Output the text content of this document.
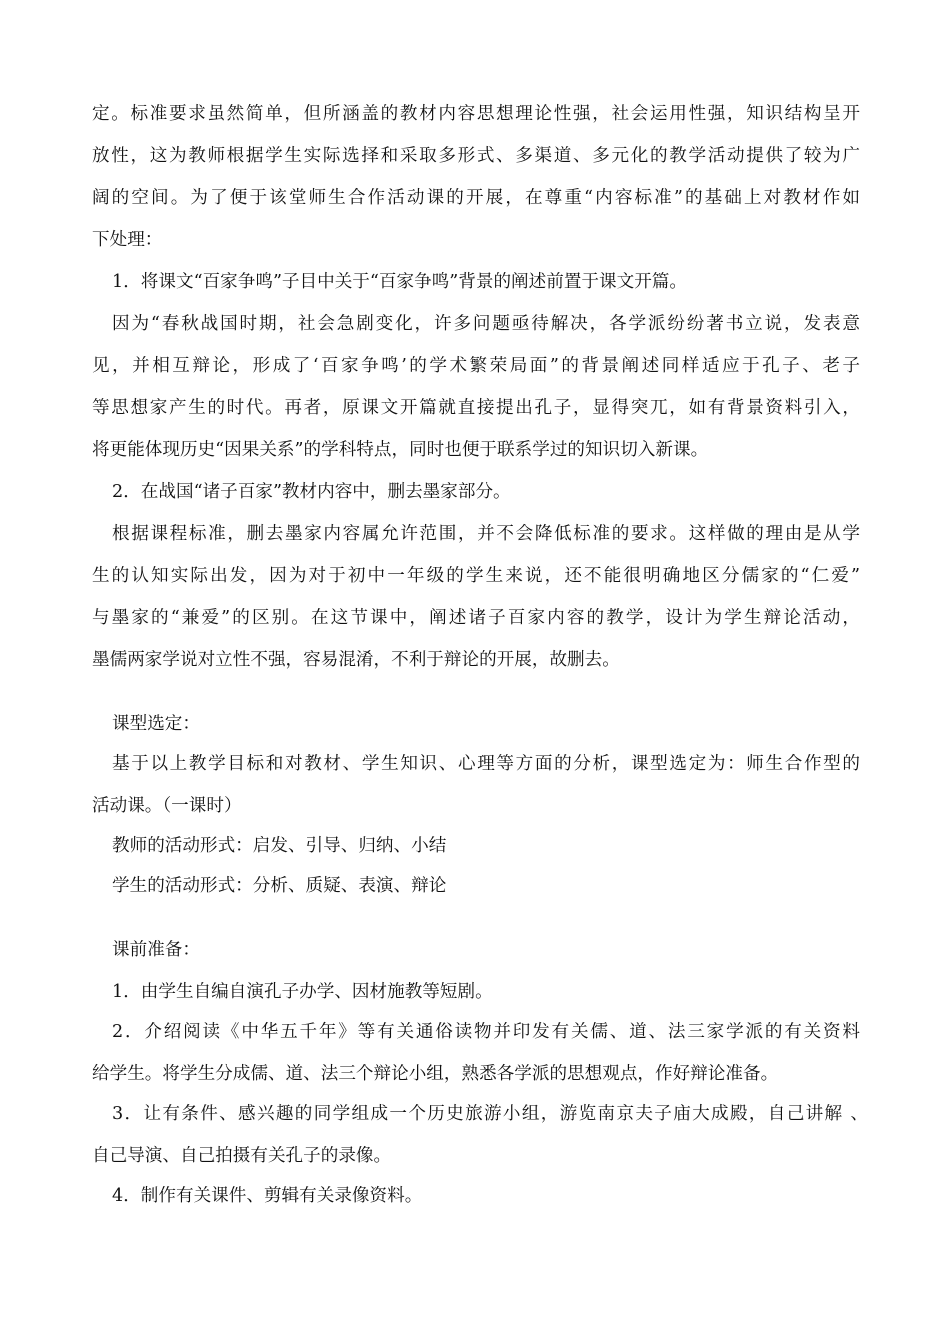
定。标准要求虽然简单，但所涵盖的教材内容思想理论性强，社会运用性强，知识结构呈开
放性，这为教师根据学生实际选择和采取多形式、多渠道、多元化的教学活动提供了较为广
阔的空间。为了便于该堂师生合作活动课的开展，在尊重“内容标准”的基础上对教材作如
下处理：
1．将课文“百家争鸣”子目中关于“百家争鸣”背景的阐述前置于课文开篇。
因为“春秋战国时期，社会急剧变化，许多问题亟待解决，各学派纷纷著书立说，发表意
见，并相互辩论，形成了‘百家争鸣’的学术繁荣局面”的背景阐述同样适应于孔子、老子
等思想家产生的时代。再者，原课文开篇就直接提出孔子，显得突兀，如有背景资料引入，
将更能体现历史“因果关系”的学科特点，同时也便于联系学过的知识切入新课。
2．在战国“诸子百家”教材内容中，删去墨家部分。
根据课程标准，删去墨家内容属允许范围，并不会降低标准的要求。这样做的理由是从学
生的认知实际出发，因为对于初中一年级的学生来说，还不能很明确地区分儒家的“仁爱”
与墨家的“兼爱”的区别。在这节课中，阐述诸子百家内容的教学，设计为学生辩论活动，
墨儒两家学说对立性不强，容易混淆，不利于辩论的开展，故删去。
课型选定：
基于以上教学目标和对教材、学生知识、心理等方面的分析，课型选定为：师生合作型的
活动课。（一课时）
教师的活动形式：启发、引导、归纳、小结
学生的活动形式：分析、质疑、表演、辩论
课前准备：
1．由学生自编自演孔子办学、因材施教等短剧。
2．介绍阅读《中华五千年》等有关通俗读物并印发有关儒、道、法三家学派的有关资料
给学生。将学生分成儒、道、法三个辩论小组，熟悉各学派的思想观点，作好辩论准备。
3．让有条件、感兴趣的同学组成一个历史旅游小组，游览南京夫子庙大成殿，自己讲解 、
自己导演、自己拍摄有关孔子的录像。
4．制作有关课件、剪辑有关录像资料。
